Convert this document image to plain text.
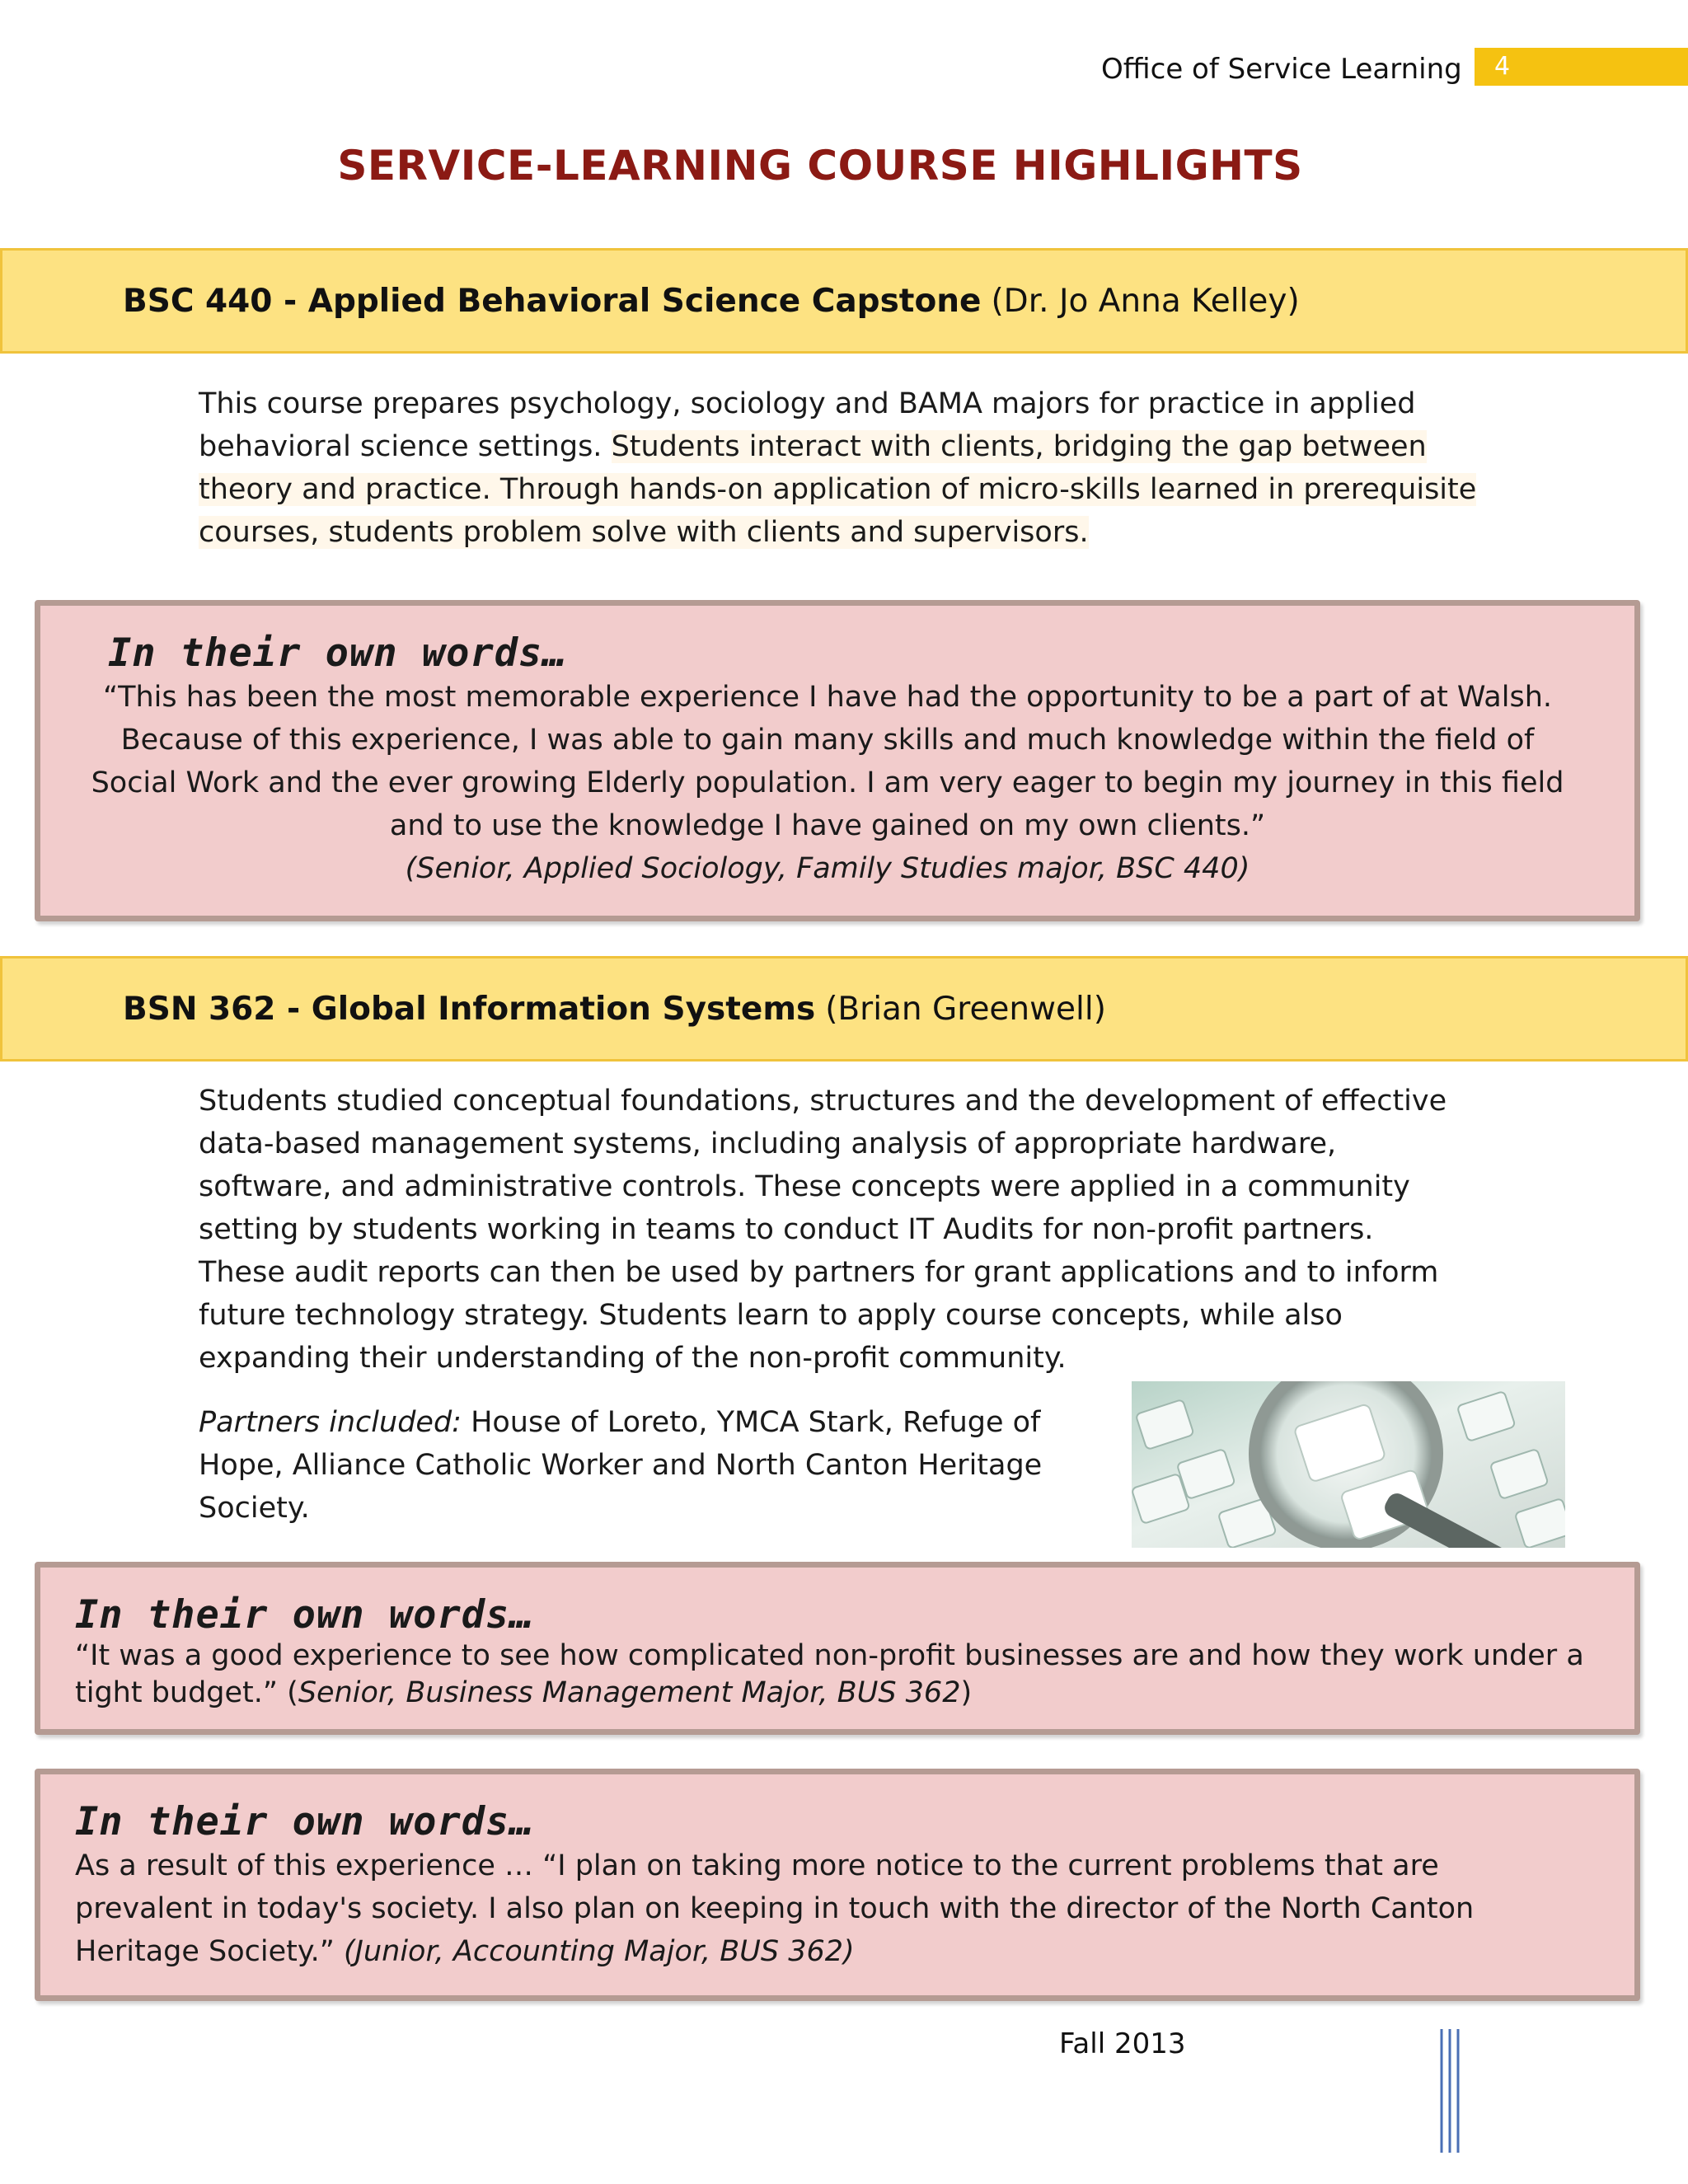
Office of Service Learning	4
SERVICE-LEARNING COURSE HIGHLIGHTS
BSC 440 - Applied Behavioral Science Capstone (Dr. Jo Anna Kelley)

This course prepares psychology, sociology and BAMA majors for practice in applied behavioral science settings. Students interact with clients, bridging the gap between theory and practice. Through hands-on application of micro-skills learned in prerequisite courses, students problem solve with clients and supervisors.

In their own words…
“This has been the most memorable experience I have had the opportunity to be a part of at Walsh. Because of this experience, I was able to gain many skills and much knowledge within the field of Social Work and the ever growing Elderly population. I am very eager to begin my journey in this field and to use the knowledge I have gained on my own clients.”
(Senior, Applied Sociology, Family Studies major, BSC 440)
BSN 362 - Global Information Systems (Brian Greenwell)

Students studied conceptual foundations, structures and the development of effective data-based management systems, including analysis of appropriate hardware, software, and administrative controls. These concepts were applied in a community setting by students working in teams to conduct IT Audits for non-profit partners. These audit reports can then be used by partners for grant applications and to inform future technology strategy. Students learn to apply course concepts, while also expanding their understanding of the non-profit community.

Partners included: House of Loreto, YMCA Stark, Refuge of Hope, Alliance Catholic Worker and North Canton Heritage Society.

In their own words…
“It was a good experience to see how complicated non-profit businesses are and how they work under a tight budget.” (Senior, Business Management Major, BUS 362)
In their own words…
As a result of this experience … “I plan on taking more notice to the current problems that are prevalent in today's society. I also plan on keeping in touch with the director of the North Canton Heritage Society.” (Junior, Accounting Major, BUS 362)
Fall 2013
